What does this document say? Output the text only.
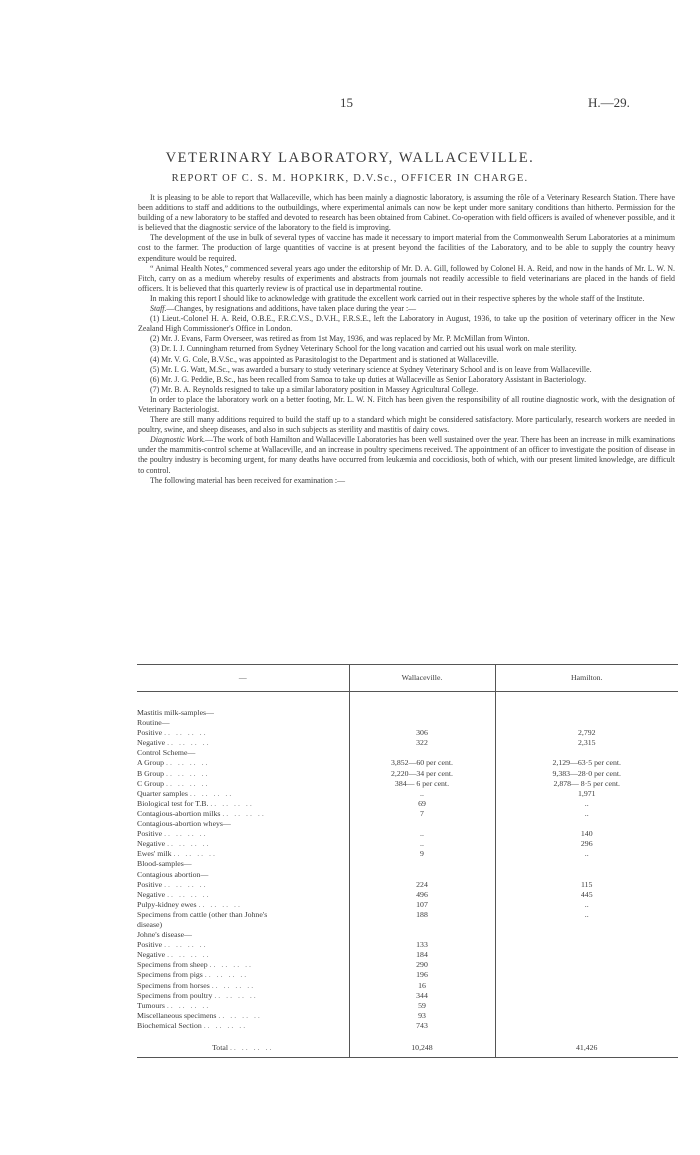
15	H.—29.
VETERINARY LABORATORY, WALLACEVILLE.
REPORT OF C. S. M. HOPKIRK, D.V.Sc., OFFICER IN CHARGE.

It is pleasing to be able to report that Wallaceville, which has been mainly a diagnostic laboratory, is assuming the rôle of a Veterinary Research Station. There have been additions to staff and additions to the outbuildings, where experimental animals can now be kept under more sanitary conditions than hitherto. Permission for the building of a new laboratory to be staffed and devoted to research has been obtained from Cabinet. Co-operation with field officers is availed of whenever possible, and it is believed that the diagnostic service of the laboratory to the field is improving.

The development of the use in bulk of several types of vaccine has made it necessary to import material from the Commonwealth Serum Laboratories at a minimum cost to the farmer. The production of large quantities of vaccine is at present beyond the facilities of the Laboratory, and to be able to supply the country heavy expenditure would be required.

“ Animal Health Notes,” commenced several years ago under the editorship of Mr. D. A. Gill, followed by Colonel H. A. Reid, and now in the hands of Mr. L. W. N. Fitch, carry on as a medium whereby results of experiments and abstracts from journals not readily accessible to field veterinarians are placed in the hands of field officers. It is believed that this quarterly review is of practical use in departmental routine.

In making this report I should like to acknowledge with gratitude the excellent work carried out in their respective spheres by the whole staff of the Institute.

Staff.—Changes, by resignations and additions, have taken place during the year :—

(1) Lieut.-Colonel H. A. Reid, O.B.E., F.R.C.V.S., D.V.H., F.R.S.E., left the Laboratory in August, 1936, to take up the position of veterinary officer in the New Zealand High Commissioner's Office in London.

(2) Mr. J. Evans, Farm Overseer, was retired as from 1st May, 1936, and was replaced by Mr. P. McMillan from Winton.

(3) Dr. I. J. Cunningham returned from Sydney Veterinary School for the long vacation and carried out his usual work on male sterility.

(4) Mr. V. G. Cole, B.V.Sc., was appointed as Parasitologist to the Department and is stationed at Wallaceville.

(5) Mr. I. G. Watt, M.Sc., was awarded a bursary to study veterinary science at Sydney Veterinary School and is on leave from Wallaceville.

(6) Mr. J. G. Peddie, B.Sc., has been recalled from Samoa to take up duties at Wallaceville as Senior Laboratory Assistant in Bacteriology.

(7) Mr. B. A. Reynolds resigned to take up a similar laboratory position in Massey Agricultural College.

In order to place the laboratory work on a better footing, Mr. L. W. N. Fitch has been given the responsibility of all routine diagnostic work, with the designation of Veterinary Bacteriologist.

There are still many additions required to build the staff up to a standard which might be considered satisfactory. More particularly, research workers are needed in poultry, swine, and sheep diseases, and also in such subjects as sterility and mastitis of dairy cows.

Diagnostic Work.—The work of both Hamilton and Wallaceville Laboratories has been well sustained over the year. There has been an increase in milk examinations under the mammitis-control scheme at Wallaceville, and an increase in poultry specimens received. The appointment of an officer to investigate the position of disease in the poultry industry is becoming urgent, for many deaths have occurred from leukæmia and coccidiosis, both of which, with our present limited knowledge, are difficult to control.

The following material has been received for examination :—

—	Wallaceville.	Hamilton.

Mastitis milk-samples—		
Routine—		
Positive .. .. .. ..	306	2,792
Negative .. .. .. ..	322	2,315
Control Scheme—		
A Group .. .. .. ..	3,852—60 per cent.	2,129—63·5 per cent.
B Group .. .. .. ..	2,220—34 per cent.	9,383—28·0 per cent.
C Group .. .. .. ..	384— 6 per cent.	2,878— 8·5 per cent.
Quarter samples .. .. .. ..	..	1,971
Biological test for T.B. .. .. .. ..	69	..
Contagious-abortion milks .. .. .. ..	7	..
Contagious-abortion wheys—		
Positive .. .. .. ..	..	140
Negative .. .. .. ..	..	296
Ewes' milk .. .. .. ..	9	..
Blood-samples—		
Contagious abortion—		
Positive .. .. .. ..	224	115
Negative .. .. .. ..	496	445
Pulpy-kidney ewes .. .. .. ..	107	..
Specimens from cattle (other than Johne's	188	..
disease)		
Johne's disease—		
Positive .. .. .. ..	133	
Negative .. .. .. ..	184	
Specimens from sheep .. .. .. ..	290	
Specimens from pigs .. .. .. ..	196	
Specimens from horses .. .. .. ..	16	
Specimens from poultry .. .. .. ..	344	
Tumours .. .. .. ..	59	
Miscellaneous specimens .. .. .. ..	93	
Biochemical Section .. .. .. ..	743	
Total .. .. .. ..	10,248	41,426
